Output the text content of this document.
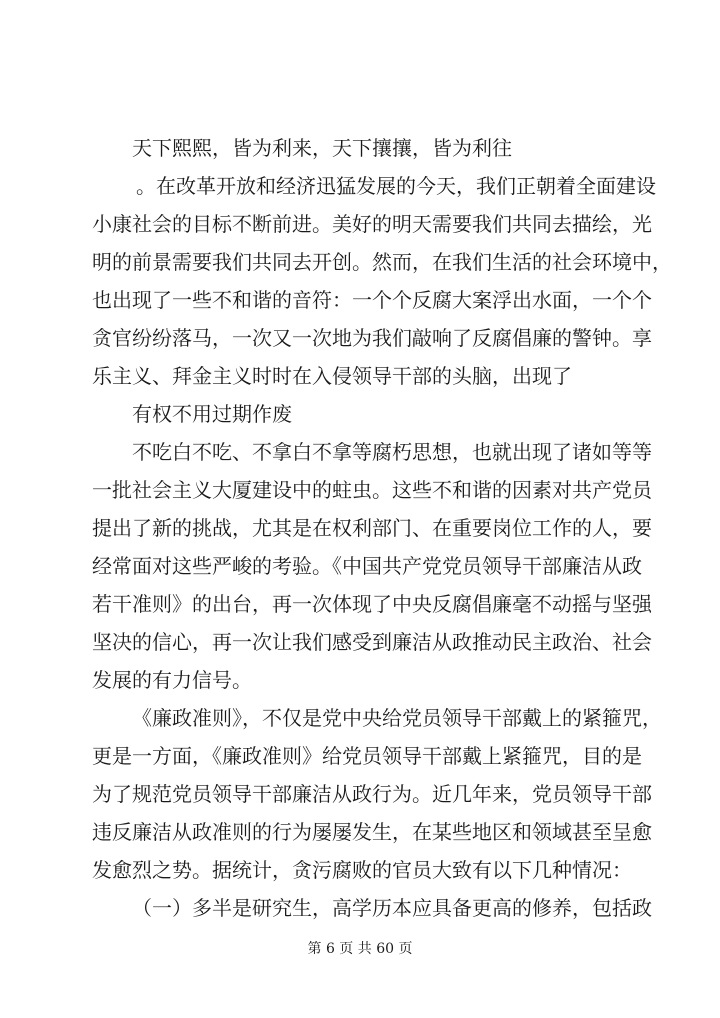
天下熙熙，皆为利来，天下攘攘，皆为利往
。在改革开放和经济迅猛发展的今天，我们正朝着全面建设
小康社会的目标不断前进。美好的明天需要我们共同去描绘，光
明的前景需要我们共同去开创。然而，在我们生活的社会环境中，
也出现了一些不和谐的音符：一个个反腐大案浮出水面，一个个
贪官纷纷落马，一次又一次地为我们敲响了反腐倡廉的警钟。享
乐主义、拜金主义时时在入侵领导干部的头脑，出现了
有权不用过期作废
不吃白不吃、不拿白不拿等腐朽思想，也就出现了诸如等等
一批社会主义大厦建设中的蛀虫。这些不和谐的因素对共产党员
提出了新的挑战，尤其是在权利部门、在重要岗位工作的人，要
经常面对这些严峻的考验。《中国共产党党员领导干部廉洁从政
若干准则》的出台，再一次体现了中央反腐倡廉毫不动摇与坚强
坚决的信心，再一次让我们感受到廉洁从政推动民主政治、社会
发展的有力信号。
《廉政准则》，不仅是党中央给党员领导干部戴上的紧箍咒，
更是一方面，《廉政准则》给党员领导干部戴上紧箍咒，目的是
为了规范党员领导干部廉洁从政行为。近几年来，党员领导干部
违反廉洁从政准则的行为屡屡发生，在某些地区和领域甚至呈愈
发愈烈之势。据统计，贪污腐败的官员大致有以下几种情况：
（一）多半是研究生，高学历本应具备更高的修养，包括政
第 6 页 共 60 页
